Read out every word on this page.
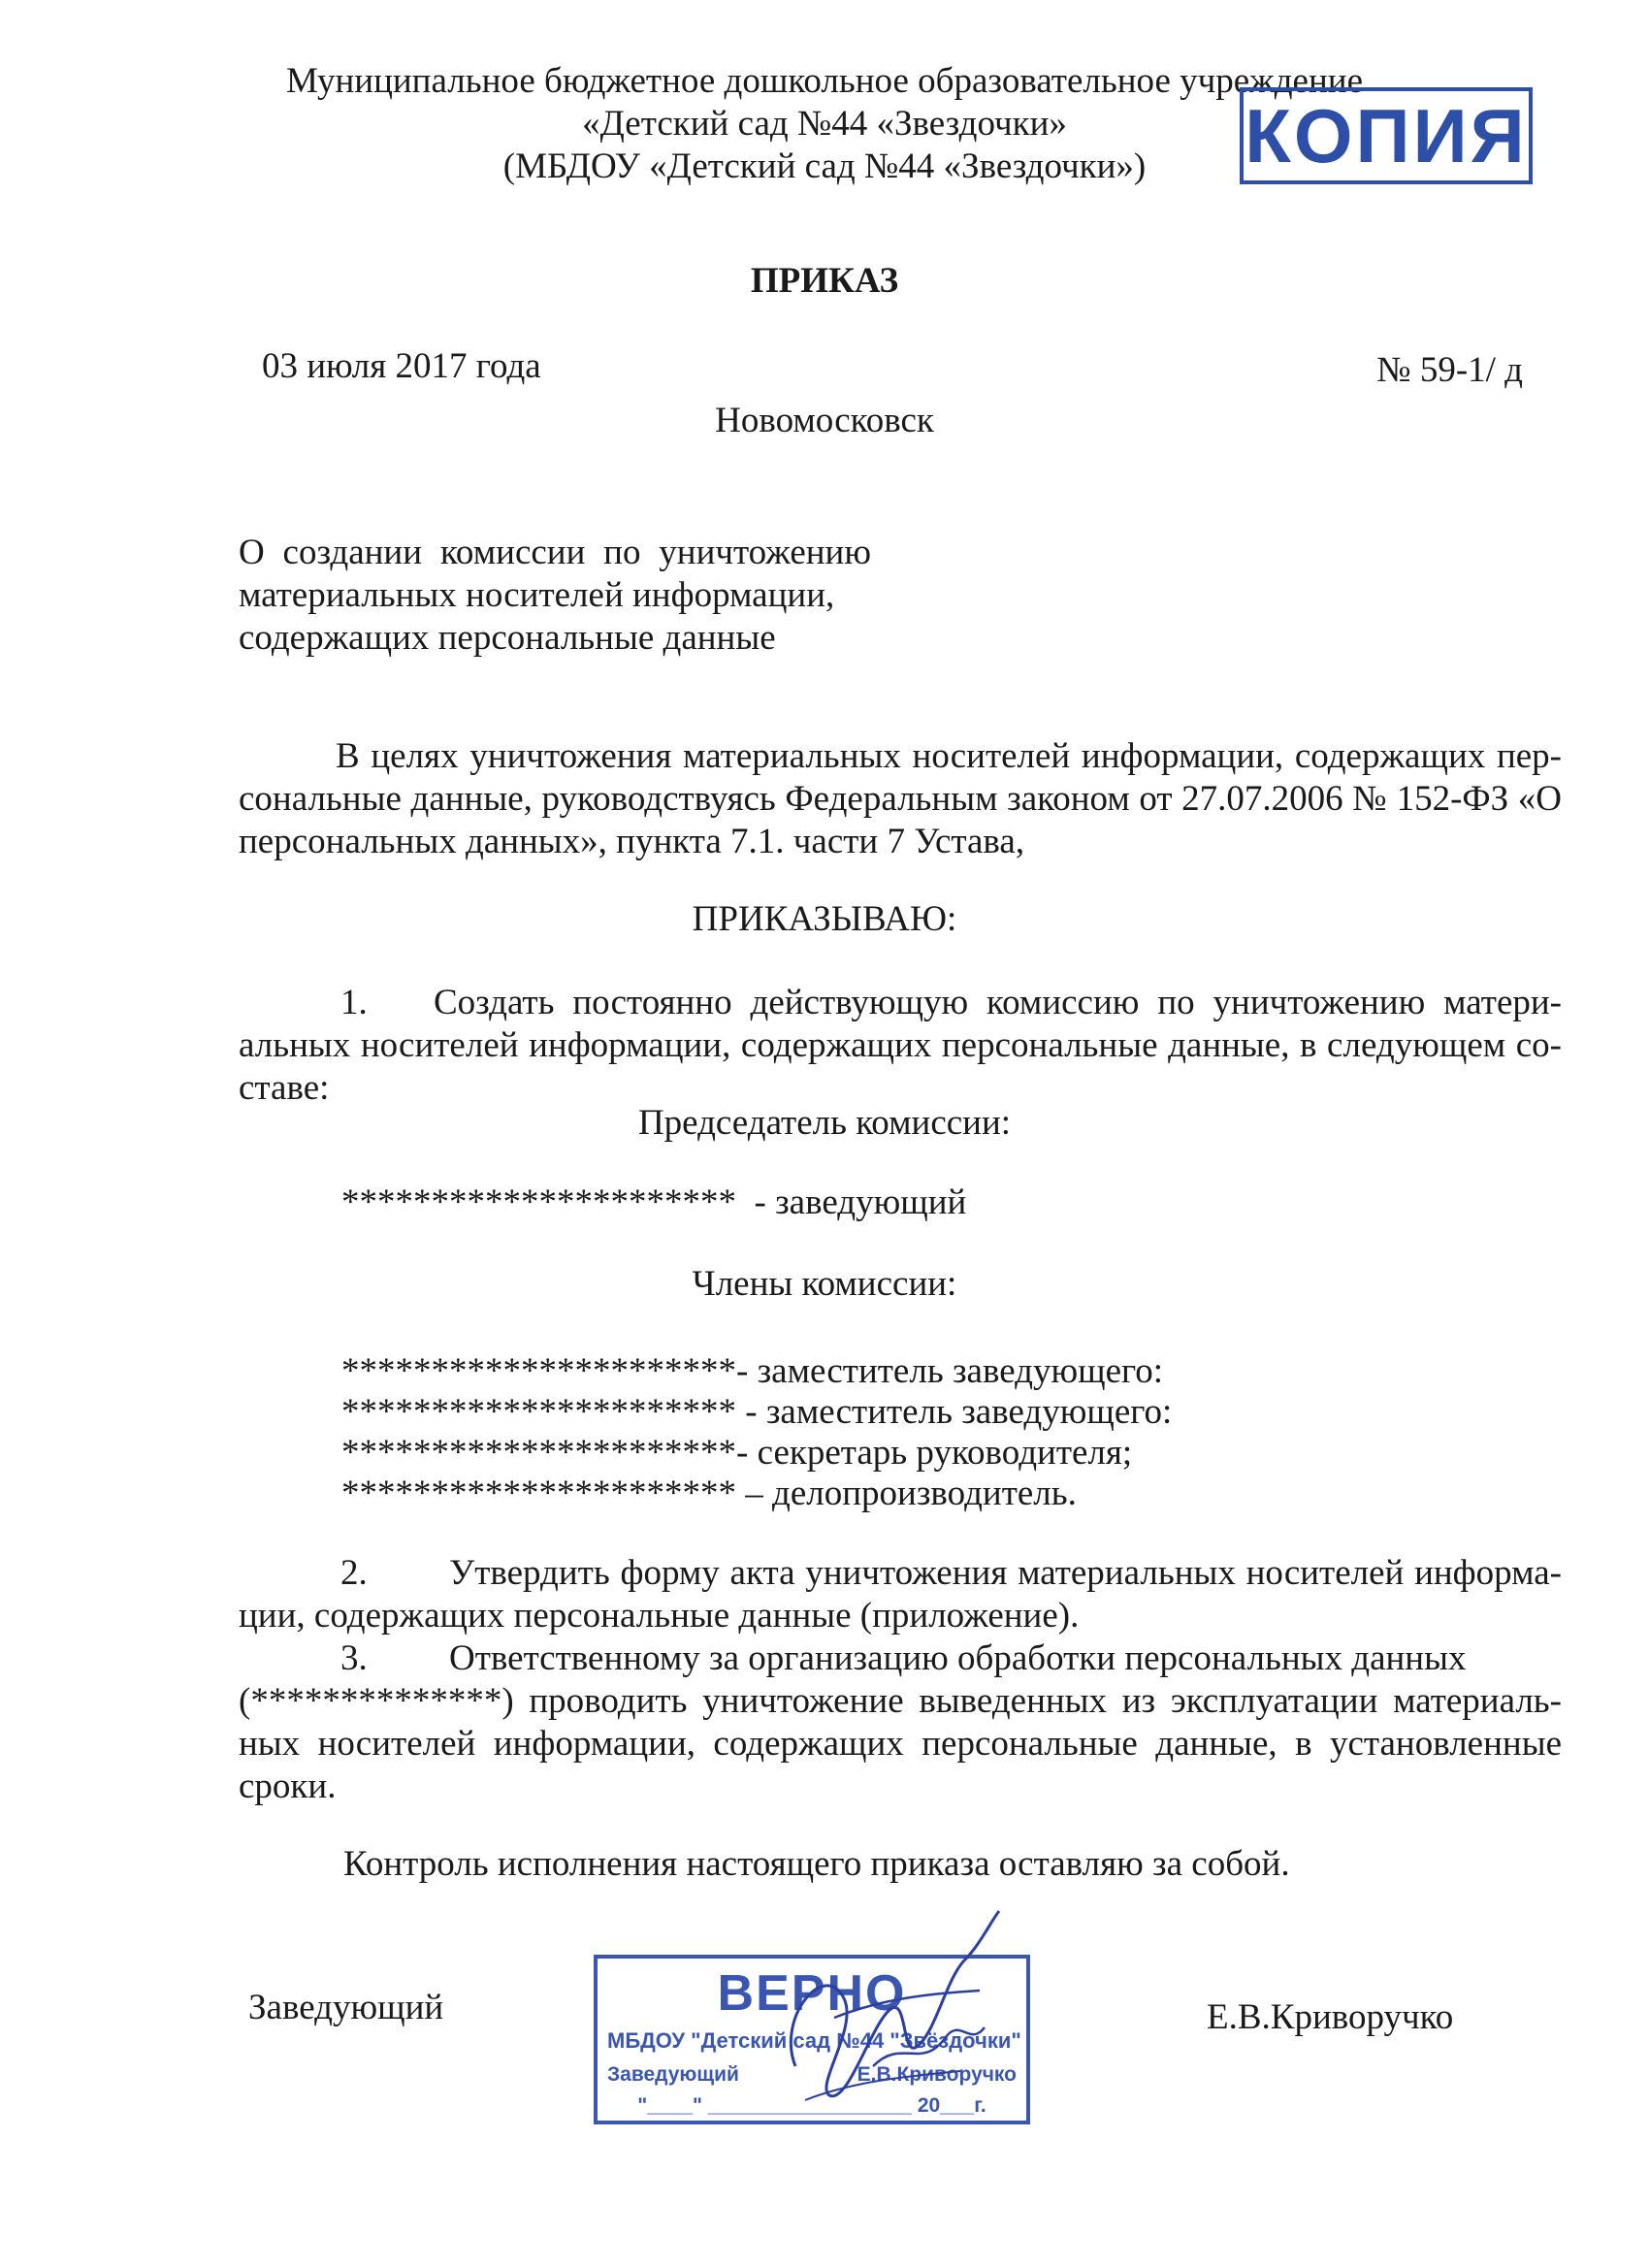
Муниципальное бюджетное дошкольное образовательное учреждение
«Детский сад №44 «Звездочки»
(МБДОУ «Детский сад №44 «Звездочки»)	КОПИЯ
ПРИКАЗ
03 июля 2017 года	№ 59-1/ д
Новомосковск
О создании комиссии по уничтожению
материальных носителей информации,
содержащих персональные данные
В целях уничтожения материальных носителей информации, содержащих пер-
сональные данные, руководствуясь Федеральным законом от 27.07.2006 № 152-ФЗ «О
персональных данных», пункта 7.1. части 7 Устава,
ПРИКАЗЫВАЮ:
1. Создать постоянно действующую комиссию по уничтожению матери-
альных носителей информации, содержащих персональные данные, в следующем со-
ставе:
Председатель комиссии:
********************** - заведующий
Члены комиссии:
**********************- заместитель заведующего:
********************** - заместитель заведующего:
**********************- секретарь руководителя;
********************** – делопроизводитель.
2. Утвердить форму акта уничтожения материальных носителей информа-
ции, содержащих персональные данные (приложение).
3. Ответственному за организацию обработки персональных данных
(**************) проводить уничтожение выведенных из эксплуатации материаль-
ных носителей информации, содержащих персональные данные, в установленные
сроки.
Контроль исполнения настоящего приказа оставляю за собой.
Заведующий	Е.В.Криворучко
ВЕРНО
МБДОУ "Детский сад №44 "Звёздочки"
Заведующий	Е.В.Криворучко
"____" __________________ 20___г.
